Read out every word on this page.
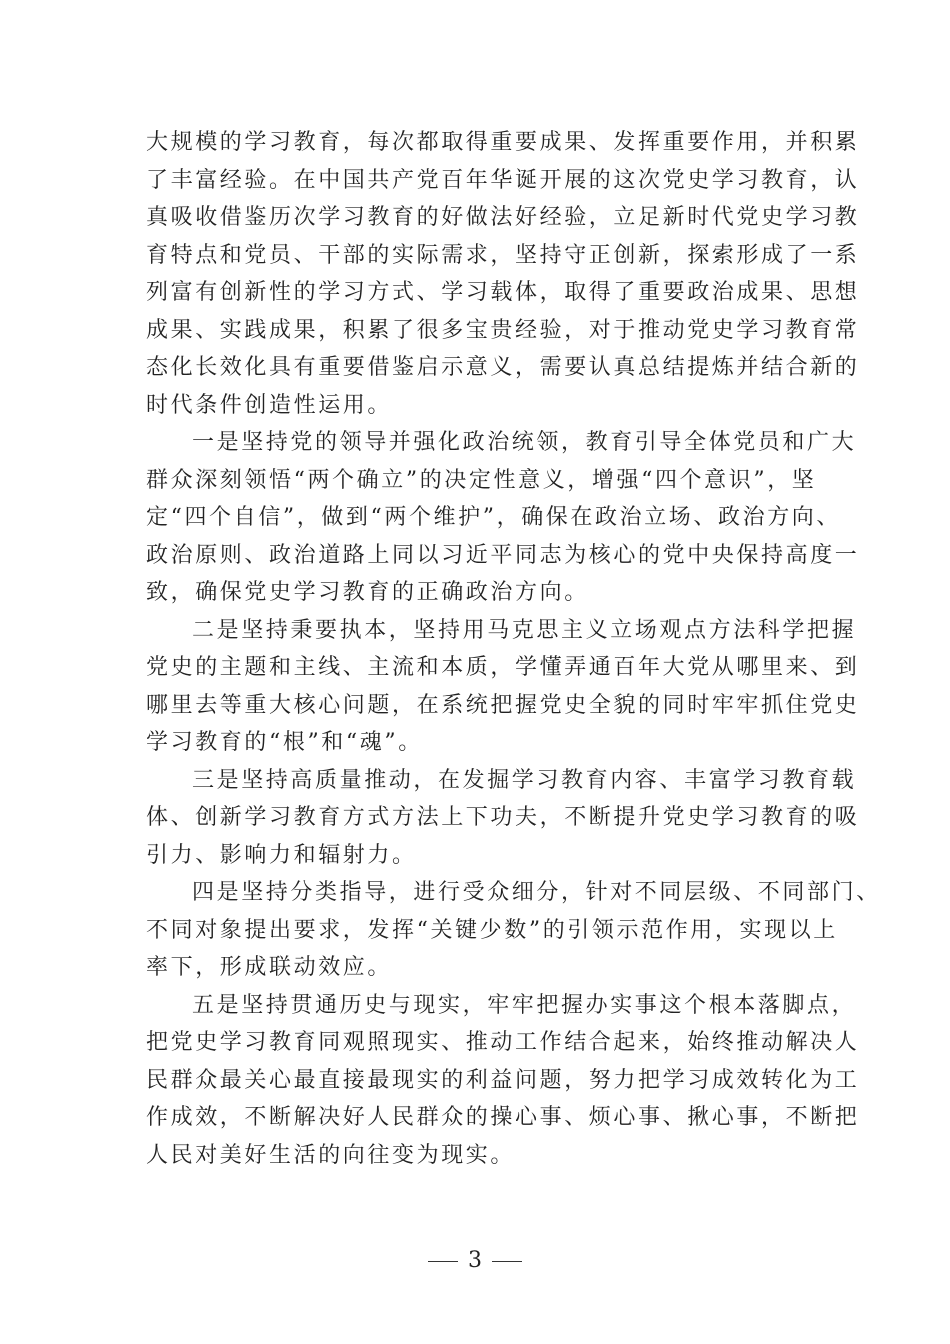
大规模的学习教育，每次都取得重要成果、发挥重要作用，并积累
了丰富经验。在中国共产党百年华诞开展的这次党史学习教育，认
真吸收借鉴历次学习教育的好做法好经验，立足新时代党史学习教
育特点和党员、干部的实际需求，坚持守正创新，探索形成了一系
列富有创新性的学习方式、学习载体，取得了重要政治成果、思想
成果、实践成果，积累了很多宝贵经验，对于推动党史学习教育常
态化长效化具有重要借鉴启示意义，需要认真总结提炼并结合新的
时代条件创造性运用。
一是坚持党的领导并强化政治统领，教育引导全体党员和广大
群众深刻领悟“两个确立”的决定性意义，增强“四个意识”，坚
定“四个自信”，做到“两个维护”，确保在政治立场、政治方向、
政治原则、政治道路上同以习近平同志为核心的党中央保持高度一
致，确保党史学习教育的正确政治方向。
二是坚持秉要执本，坚持用马克思主义立场观点方法科学把握
党史的主题和主线、主流和本质，学懂弄通百年大党从哪里来、到
哪里去等重大核心问题，在系统把握党史全貌的同时牢牢抓住党史
学习教育的“根”和“魂”。
三是坚持高质量推动，在发掘学习教育内容、丰富学习教育载
体、创新学习教育方式方法上下功夫，不断提升党史学习教育的吸
引力、影响力和辐射力。
四是坚持分类指导，进行受众细分，针对不同层级、不同部门、
不同对象提出要求，发挥“关键少数”的引领示范作用，实现以上
率下，形成联动效应。
五是坚持贯通历史与现实，牢牢把握办实事这个根本落脚点，
把党史学习教育同观照现实、推动工作结合起来，始终推动解决人
民群众最关心最直接最现实的利益问题，努力把学习成效转化为工
作成效，不断解决好人民群众的操心事、烦心事、揪心事，不断把
人民对美好生活的向往变为现实。
3
